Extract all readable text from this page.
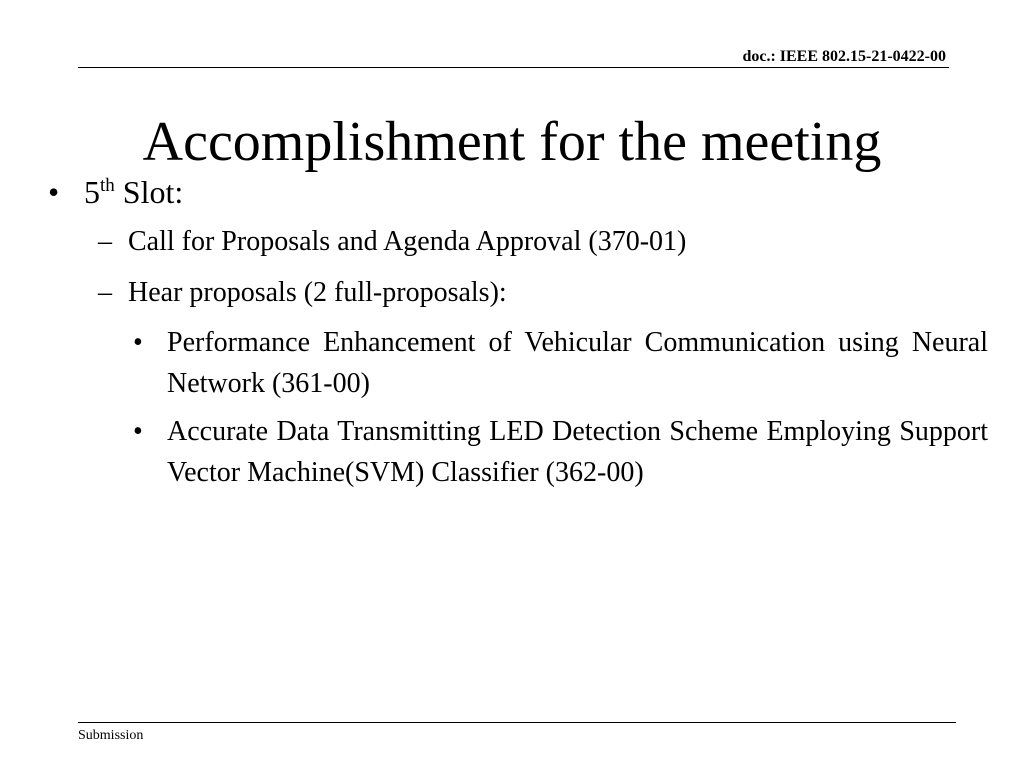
doc.: IEEE 802.15-21-0422-00
Accomplishment for the meeting
• 5th Slot:
– Call for Proposals and Agenda Approval (370-01)
– Hear proposals (2 full-proposals):
• Performance Enhancement of Vehicular Communication using Neural Network (361-00)
• Accurate Data Transmitting LED Detection Scheme Employing Support Vector Machine(SVM) Classifier (362-00)
Submission
